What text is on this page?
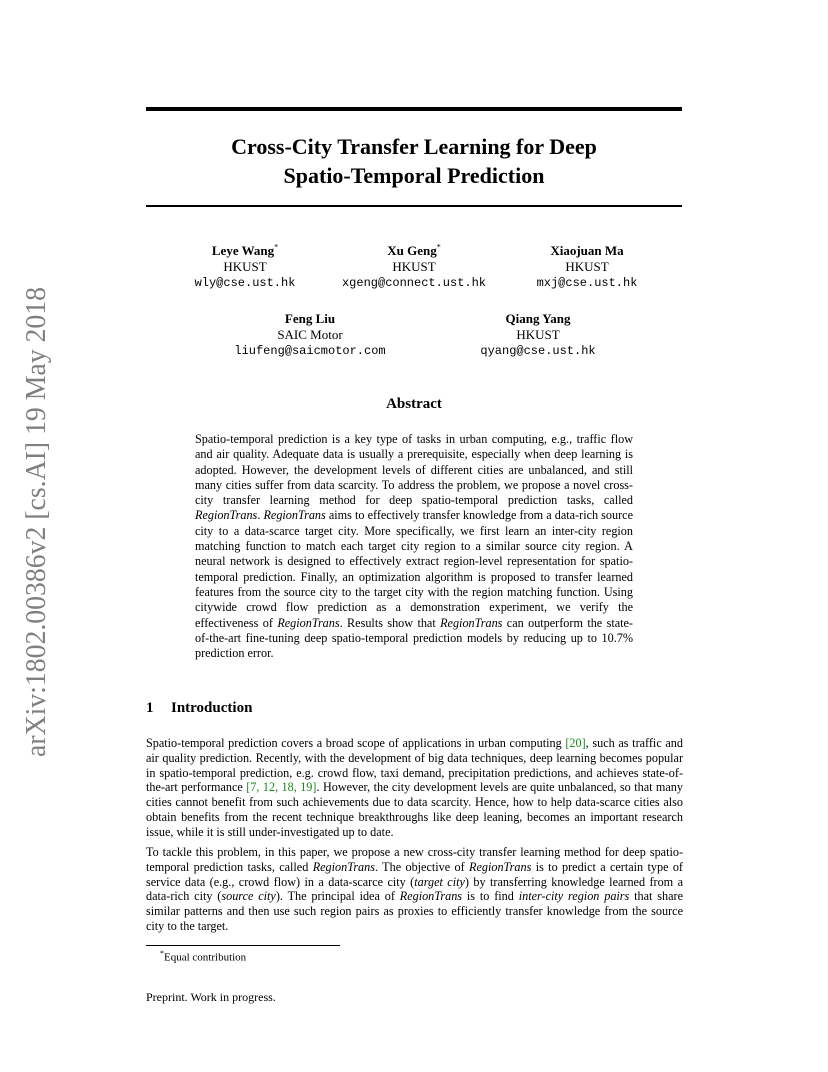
Cross-City Transfer Learning for Deep
Spatio-Temporal Prediction
Leye Wang*
HKUST
wly@cse.ust.hk
Xu Geng*
HKUST
xgeng@connect.ust.hk
Xiaojuan Ma
HKUST
mxj@cse.ust.hk
Feng Liu
SAIC Motor
liufeng@saicmotor.com
Qiang Yang
HKUST
qyang@cse.ust.hk
arXiv:1802.00386v2 [cs.AI] 19 May 2018	Abstract
Spatio-temporal prediction is a key type of tasks in urban computing, e.g., traffic flow and air quality. Adequate data is usually a prerequisite, especially when deep learning is adopted. However, the development levels of different cities are unbalanced, and still many cities suffer from data scarcity. To address the problem, we propose a novel cross-city transfer learning method for deep spatio-temporal prediction tasks, called RegionTrans. RegionTrans aims to effectively transfer knowledge from a data-rich source city to a data-scarce target city. More specifically, we first learn an inter-city region matching function to match each target city region to a similar source city region. A neural network is designed to effectively extract region-level representation for spatio-temporal prediction. Finally, an optimization algorithm is proposed to transfer learned features from the source city to the target city with the region matching function. Using citywide crowd flow prediction as a demonstration experiment, we verify the effectiveness of RegionTrans. Results show that RegionTrans can outperform the state-of-the-art fine-tuning deep spatio-temporal prediction models by reducing up to 10.7% prediction error.
1 Introduction
Spatio-temporal prediction covers a broad scope of applications in urban computing [20], such as traffic and air quality prediction. Recently, with the development of big data techniques, deep learning becomes popular in spatio-temporal prediction, e.g. crowd flow, taxi demand, precipitation predictions, and achieves state-of-the-art performance [7, 12, 18, 19]. However, the city development levels are quite unbalanced, so that many cities cannot benefit from such achievements due to data scarcity. Hence, how to help data-scarce cities also obtain benefits from the recent technique breakthroughs like deep leaning, becomes an important research issue, while it is still under-investigated up to date.
To tackle this problem, in this paper, we propose a new cross-city transfer learning method for deep spatio-temporal prediction tasks, called RegionTrans. The objective of RegionTrans is to predict a certain type of service data (e.g., crowd flow) in a data-scarce city (target city) by transferring knowledge learned from a data-rich city (source city). The principal idea of RegionTrans is to find inter-city region pairs that share similar patterns and then use such region pairs as proxies to efficiently transfer knowledge from the source city to the target.
*Equal contribution
Preprint. Work in progress.
